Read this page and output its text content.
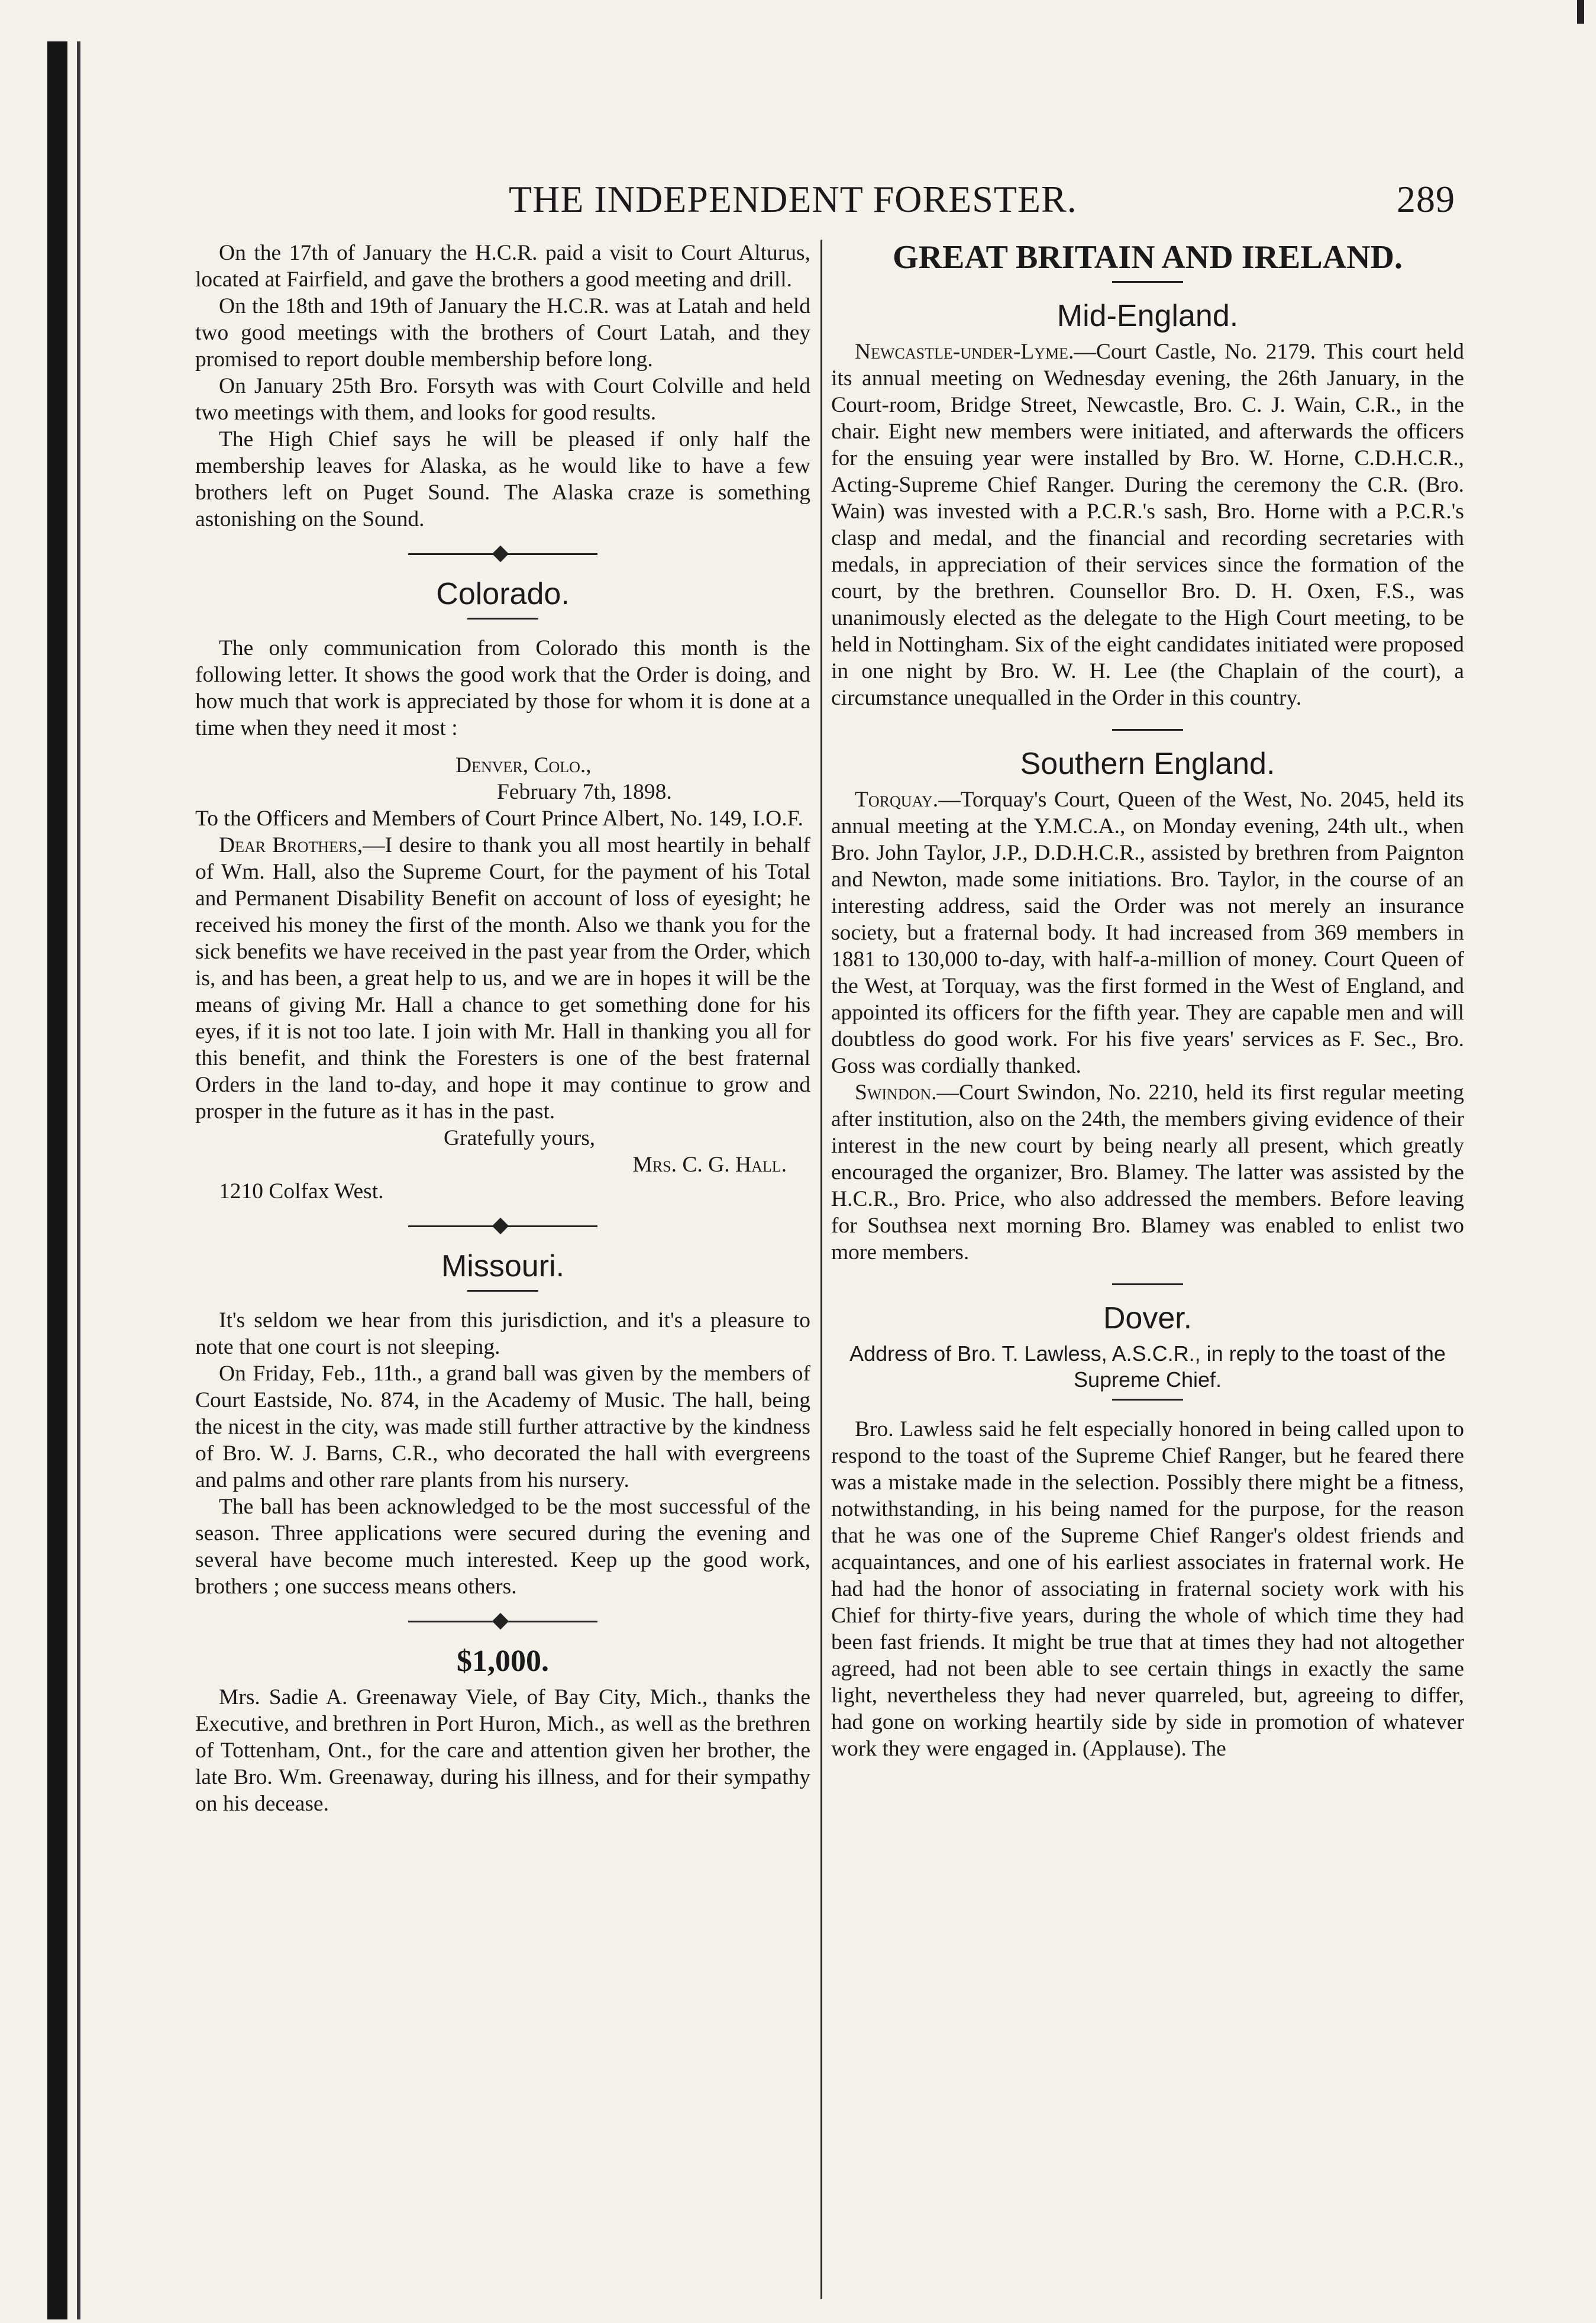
THE INDEPENDENT FORESTER.	289

On the 17th of January the H.C.R. paid a visit to Court Alturus, located at Fairfield, and gave the brothers a good meeting and drill.

On the 18th and 19th of January the H.C.R. was at Latah and held two good meetings with the brothers of Court Latah, and they promised to report double membership before long.

On January 25th Bro. Forsyth was with Court Colville and held two meetings with them, and looks for good results.

The High Chief says he will be pleased if only half the membership leaves for Alaska, as he would like to have a few brothers left on Puget Sound. The Alaska craze is something astonishing on the Sound.

Colorado.

The only communication from Colorado this month is the following letter. It shows the good work that the Order is doing, and how much that work is appreciated by those for whom it is done at a time when they need it most :

Denver, Colo.,

February 7th, 1898.

To the Officers and Members of Court Prince Albert, No. 149, I.O.F.

Dear Brothers,—I desire to thank you all most heartily in behalf of Wm. Hall, also the Supreme Court, for the payment of his Total and Permanent Disability Benefit on account of loss of eyesight; he received his money the first of the month. Also we thank you for the sick benefits we have received in the past year from the Order, which is, and has been, a great help to us, and we are in hopes it will be the means of giving Mr. Hall a chance to get something done for his eyes, if it is not too late. I join with Mr. Hall in thanking you all for this benefit, and think the Foresters is one of the best fraternal Orders in the land to-day, and hope it may continue to grow and prosper in the future as it has in the past.

Gratefully yours,
Mrs. C. G. Hall.
1210 Colfax West.
Missouri.

It's seldom we hear from this jurisdiction, and it's a pleasure to note that one court is not sleeping.

On Friday, Feb., 11th., a grand ball was given by the members of Court Eastside, No. 874, in the Academy of Music. The hall, being the nicest in the city, was made still further attractive by the kindness of Bro. W. J. Barns, C.R., who decorated the hall with evergreens and palms and other rare plants from his nursery.

The ball has been acknowledged to be the most successful of the season. Three applications were secured during the evening and several have become much interested. Keep up the good work, brothers ; one success means others.

$1,000.

Mrs. Sadie A. Greenaway Viele, of Bay City, Mich., thanks the Executive, and brethren in Port Huron, Mich., as well as the brethren of Tottenham, Ont., for the care and attention given her brother, the late Bro. Wm. Greenaway, during his illness, and for their sympathy on his decease.

GREAT BRITAIN AND IRELAND.
Mid-England.

Newcastle-under-Lyme.—Court Castle, No. 2179. This court held its annual meeting on Wednesday evening, the 26th January, in the Court-room, Bridge Street, Newcastle, Bro. C. J. Wain, C.R., in the chair. Eight new members were initiated, and afterwards the officers for the ensuing year were installed by Bro. W. Horne, C.D.H.C.R., Acting-Supreme Chief Ranger. During the ceremony the C.R. (Bro. Wain) was invested with a P.C.R.'s sash, Bro. Horne with a P.C.R.'s clasp and medal, and the financial and recording secretaries with medals, in appreciation of their services since the formation of the court, by the brethren. Counsellor Bro. D. H. Oxen, F.S., was unanimously elected as the delegate to the High Court meeting, to be held in Nottingham. Six of the eight candidates initiated were proposed in one night by Bro. W. H. Lee (the Chaplain of the court), a circumstance unequalled in the Order in this country.

Southern England.

Torquay.—Torquay's Court, Queen of the West, No. 2045, held its annual meeting at the Y.M.C.A., on Monday evening, 24th ult., when Bro. John Taylor, J.P., D.D.H.C.R., assisted by brethren from Paignton and Newton, made some initiations. Bro. Taylor, in the course of an interesting address, said the Order was not merely an insurance society, but a fraternal body. It had increased from 369 members in 1881 to 130,000 to-day, with half-a-million of money. Court Queen of the West, at Torquay, was the first formed in the West of England, and appointed its officers for the fifth year. They are capable men and will doubtless do good work. For his five years' services as F. Sec., Bro. Goss was cordially thanked.

Swindon.—Court Swindon, No. 2210, held its first regular meeting after institution, also on the 24th, the members giving evidence of their interest in the new court by being nearly all present, which greatly encouraged the organizer, Bro. Blamey. The latter was assisted by the H.C.R., Bro. Price, who also addressed the members. Before leaving for Southsea next morning Bro. Blamey was enabled to enlist two more members.

Dover.
Address of Bro. T. Lawless, A.S.C.R., in reply to the toast of the Supreme Chief.

Bro. Lawless said he felt especially honored in being called upon to respond to the toast of the Supreme Chief Ranger, but he feared there was a mistake made in the selection. Possibly there might be a fitness, notwithstanding, in his being named for the purpose, for the reason that he was one of the Supreme Chief Ranger's oldest friends and acquaintances, and one of his earliest associates in fraternal work. He had had the honor of associating in fraternal society work with his Chief for thirty-five years, during the whole of which time they had been fast friends. It might be true that at times they had not altogether agreed, had not been able to see certain things in exactly the same light, nevertheless they had never quarreled, but, agreeing to differ, had gone on working heartily side by side in promotion of whatever work they were engaged in. (Applause). The
